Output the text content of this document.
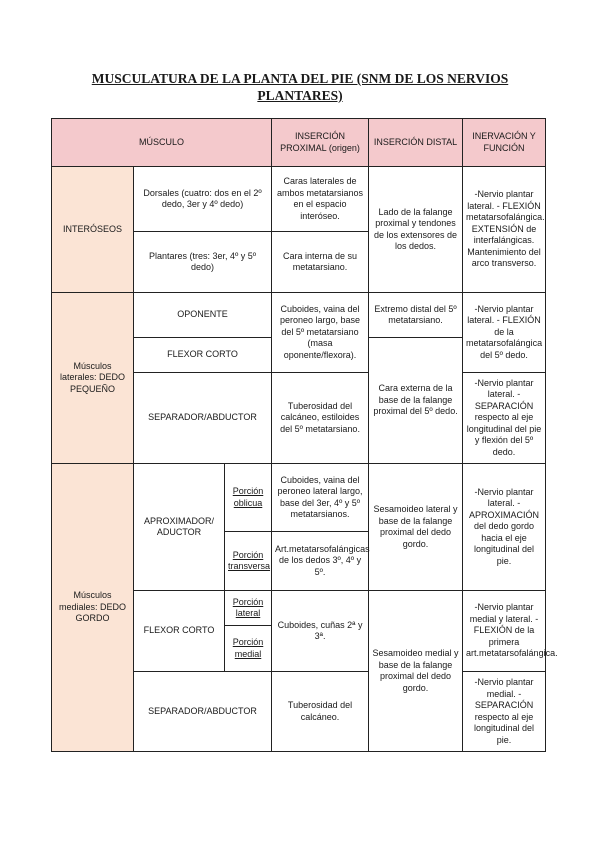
MUSCULATURA DE LA PLANTA DEL PIE (SNM DE LOS NERVIOS PLANTARES)
MÚSCULO			INSERCIÓN PROXIMAL (origen)	INSERCIÓN DISTAL	INERVACIÓN Y FUNCIÓN
INTERÓSEOS	Dorsales (cuatro: dos en el 2º dedo, 3er y 4º dedo)		Caras laterales de ambos metatarsianos en el espacio interóseo.	Lado de la falange proximal y tendones de los extensores de los dedos.	-Nervio plantar lateral. - FLEXIÓN metatarsofalángica. EXTENSIÓN de interfalángicas. Mantenimiento del arco transverso.
	Plantares (tres: 3er, 4º y 5º dedo)		Cara interna de su metatarsiano.		
Músculos laterales: DEDO PEQUEÑO	OPONENTE		Cuboides, vaina del peroneo largo, base del 5º metatarsiano (masa oponente/flexora).	Extremo distal del 5º metatarsiano.	-Nervio plantar lateral. - FLEXIÓN de la metatarsofalángica del 5º dedo.
	FLEXOR CORTO			Cara externa de la base de la falange proximal del 5º dedo.	
	SEPARADOR/ABDUCTOR		Tuberosidad del calcáneo, estiloides del 5º metatarsiano.		-Nervio plantar lateral. - SEPARACIÓN respecto al eje longitudinal del pie y flexión del 5º dedo.
Músculos mediales: DEDO GORDO	APROXIMADOR/ ADUCTOR	Porción oblicua	Cuboides, vaina del peroneo lateral largo, base del 3er, 4º y 5º metatarsianos.	Sesamoideo lateral y base de la falange proximal del dedo gordo.	-Nervio plantar lateral. -APROXIMACIÓN del dedo gordo hacia el eje longitudinal del pie.
		Porción transversa	Art.metatarsofalángicas de los dedos 3º, 4º y 5º.		
	FLEXOR CORTO	Porción lateral	Cuboides, cuñas 2ª y 3ª.	Sesamoideo medial y base de la falange proximal del dedo gordo.	-Nervio plantar medial y lateral. - FLEXIÓN de la primera art.metatarsofalángica.
		Porción medial			
	SEPARADOR/ABDUCTOR		Tuberosidad del calcáneo.		-Nervio plantar medial. - SEPARACIÓN respecto al eje longitudinal del pie.
